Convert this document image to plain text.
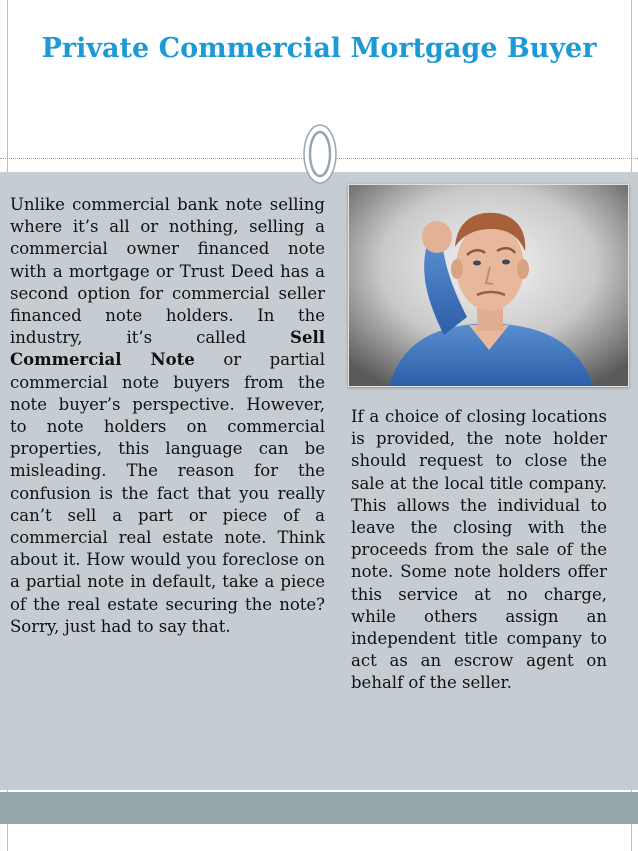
Private Commercial Mortgage Buyer

Unlike commercial bank note selling where it’s all or nothing, selling a commercial owner financed note with a mortgage or Trust Deed has a second option for commercial seller financed note holders. In the industry, it’s called Sell Commercial Note or partial commercial note buyers from the note buyer’s perspective. However, to note holders on commercial properties, this language can be misleading. The reason for the confusion is the fact that you really can’t sell a part or piece of a commercial real estate note. Think about it. How would you foreclose on a partial note in default, take a piece of the real estate securing the note? Sorry, just had to say that.

If a choice of closing locations is provided, the note holder should request to close the sale at the local title company. This allows the individual to leave the closing with the proceeds from the sale of the note. Some note holders offer this service at no charge, while others assign an independent title company to act as an escrow agent on behalf of the seller.
